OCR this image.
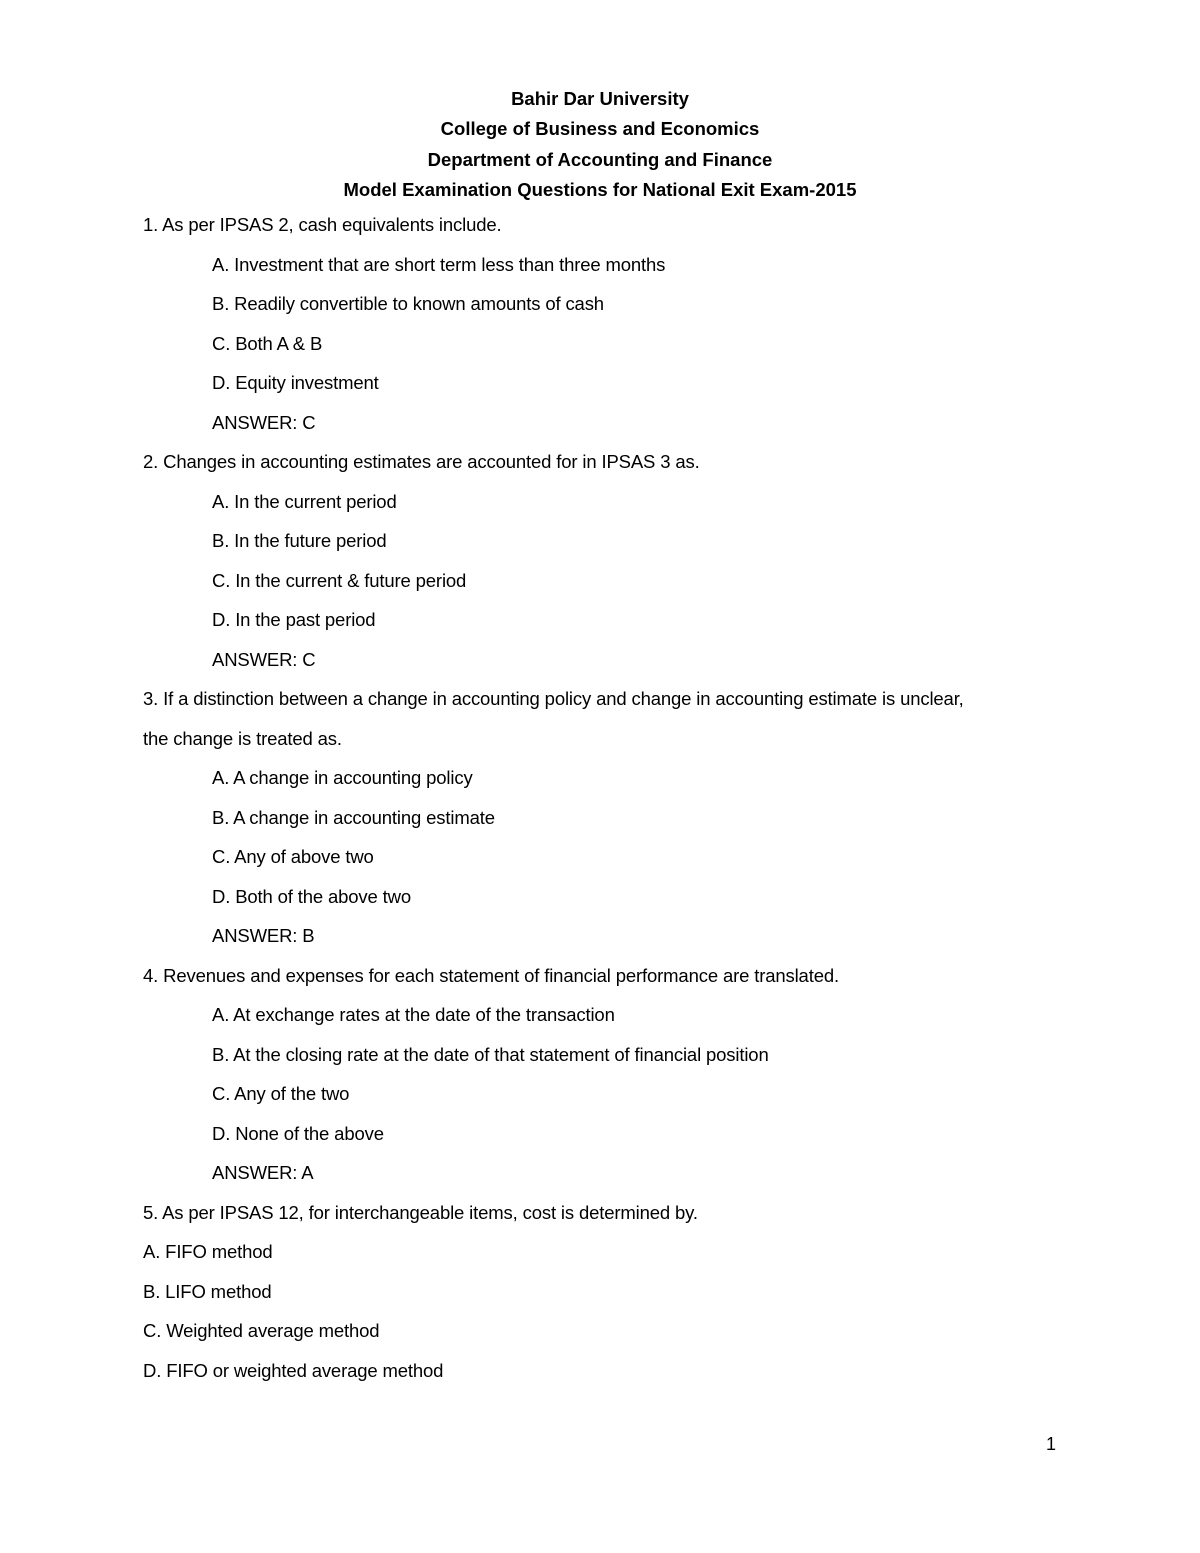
Bahir Dar University
College of Business and Economics
Department of Accounting and Finance
Model Examination Questions for National Exit Exam-2015
1. As per IPSAS 2, cash equivalents include.
A. Investment that are short term less than three months
B. Readily convertible to known amounts of cash
C. Both A & B
D. Equity investment
ANSWER: C
2. Changes in accounting estimates are accounted for in IPSAS 3 as.
A. In the current period
B. In the future period
C. In the current & future period
D. In the past period
ANSWER: C
3. If a distinction between a change in accounting policy and change in accounting estimate is unclear,
the change is treated as.
A. A change in accounting policy
B. A change in accounting estimate
C. Any of above two
D. Both of the above two
ANSWER: B
4. Revenues and expenses for each statement of financial performance are translated.
A. At exchange rates at the date of the transaction
B. At the closing rate at the date of that statement of financial position
C. Any of the two
D. None of the above
ANSWER: A
5. As per IPSAS 12, for interchangeable items, cost is determined by.
A. FIFO method
B. LIFO method
C. Weighted average method
D. FIFO or weighted average method
1
